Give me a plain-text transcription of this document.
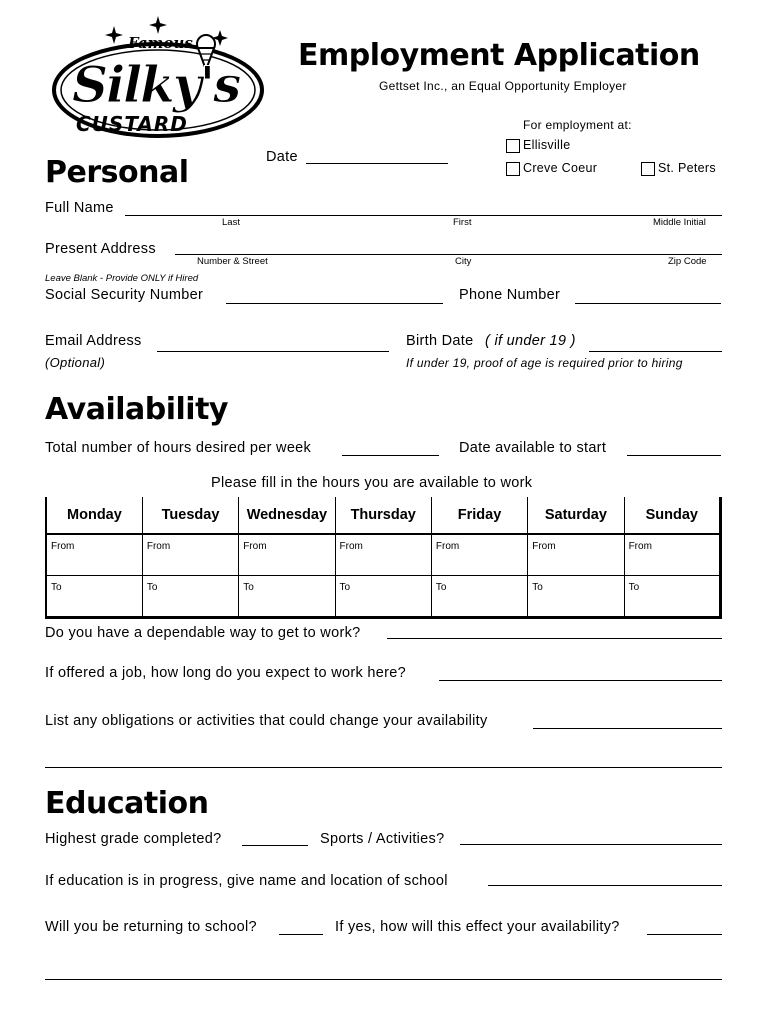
Famous
Silky's
CUSTARD
Employment Application
Gettset Inc., an Equal Opportunity Employer
Date
For employment at:
Ellisville
Creve Coeur	St. Peters
Personal
Full Name
Last	First	Middle Initial
Present Address
Number & Street	City	Zip Code
Leave Blank - Provide ONLY if Hired
Social Security Number	Phone Number
Email Address
(Optional)
Birth Date ( if under 19 )
If under 19, proof of age is required prior to hiring
Availability
Total number of hours desired per week	Date available to start
Please fill in the hours you are available to work
Monday	Tuesday	Wednesday	Thursday	Friday	Saturday	Sunday
From	From	From	From	From	From	From
To	To	To	To	To	To	To
Do you have a dependable way to get to work?
If offered a job, how long do you expect to work here?
List any obligations or activities that could change your availability
Education
Highest grade completed?	Sports / Activities?
If education is in progress, give name and location of school
Will you be returning to school?	If yes, how will this effect your availability?
